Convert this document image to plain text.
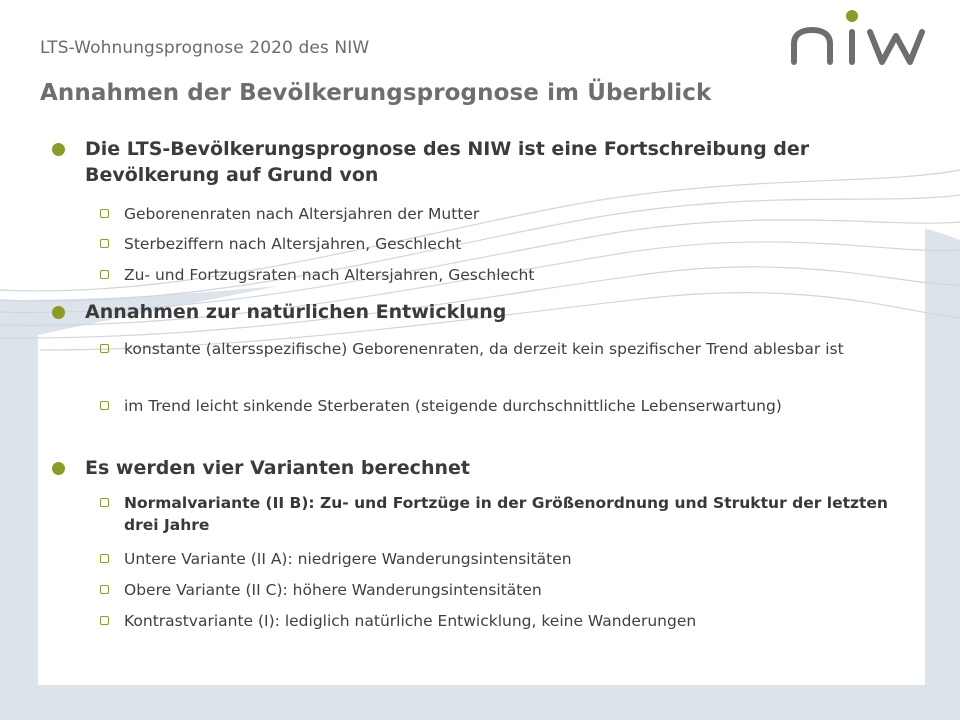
LTS-Wohnungsprognose 2020 des NIW
Annahmen der Bevölkerungsprognose im Überblick
Die LTS-Bevölkerungsprognose des NIW ist eine Fortschreibung der Bevölkerung auf Grund von
Geborenenraten nach Altersjahren der Mutter
Sterbeziffern nach Altersjahren, Geschlecht
Zu- und Fortzugsraten nach Altersjahren, Geschlecht
Annahmen zur natürlichen Entwicklung
konstante (altersspezifische) Geborenenraten, da derzeit kein spezifischer Trend ablesbar ist
im Trend leicht sinkende Sterberaten (steigende durchschnittliche Lebenserwartung)
Es werden vier Varianten berechnet
Normalvariante (II B): Zu- und Fortzüge in der Größenordnung und Struktur der letzten drei Jahre
Untere Variante (II A): niedrigere Wanderungsintensitäten
Obere Variante (II C): höhere Wanderungsintensitäten
Kontrastvariante (I): lediglich natürliche Entwicklung, keine Wanderungen
